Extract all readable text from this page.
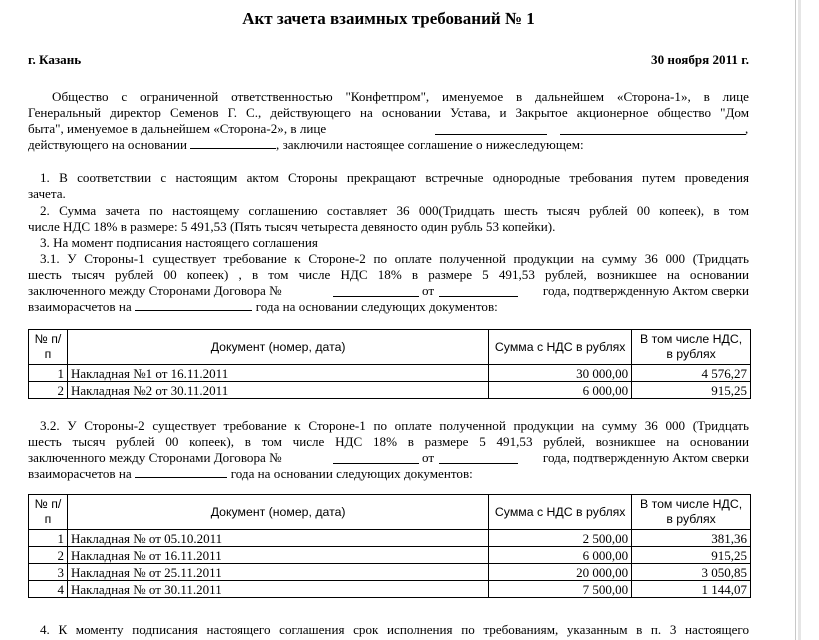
Акт зачета взаимных требований № 1
г. Казань	30 ноября 2011 г.
Общество с ограниченной ответственностью "Конфетпром", именуемое в дальнейшем «Сторона-1», в лице
Генеральный директор Семенов Г. С., действующего на основании Устава, и Закрытое акционерное общество "Дом
быта", именуемое в дальнейшем «Сторона-2», в лице	,
действующего на основании	, заключили настоящее соглашение о нижеследующем:
1. В соответствии с настоящим актом Стороны прекращают встречные однородные требования путем проведения
зачета.
2. Сумма зачета по настоящему соглашению составляет 36 000(Тридцать шесть тысяч рублей 00 копеек), в том
числе НДС 18% в размере: 5 491,53 (Пять тысяч четыреста девяносто один рубль 53 копейки).
3. На момент подписания настоящего соглашения
3.1. У Стороны-1 существует требование к Стороне-2 по оплате полученной продукции на сумму 36 000 (Тридцать
шесть тысяч рублей 00 копеек) , в том числе НДС 18% в размере 5 491,53 рублей, возникшее на основании
заключенного между Сторонами Договора №	от	года, подтвержденную Актом сверки
взаиморасчетов на	года на основании следующих документов:
№ п/п	Документ (номер, дата)	Сумма с НДС в рублях	В том числе НДС, в рублях
1	Накладная №1 от 16.11.2011	30 000,00	4 576,27
2	Накладная №2 от 30.11.2011	6 000,00	915,25
3.2. У Стороны-2 существует требование к Стороне-1 по оплате полученной продукции на сумму 36 000 (Тридцать
шесть тысяч рублей 00 копеек), в том числе НДС 18% в размере 5 491,53 рублей, возникшее на основании
заключенного между Сторонами Договора №	от	года, подтвержденную Актом сверки
взаиморасчетов на	года на основании следующих документов:
№ п/п	Документ (номер, дата)	Сумма с НДС в рублях	В том числе НДС, в рублях
1	Накладная № от 05.10.2011	2 500,00	381,36
2	Накладная № от 16.11.2011	6 000,00	915,25
3	Накладная № от 25.11.2011	20 000,00	3 050,85
4	Накладная № от 30.11.2011	7 500,00	1 144,07
4. К моменту подписания настоящего соглашения срок исполнения по требованиям, указанным в п. 3 настоящего
